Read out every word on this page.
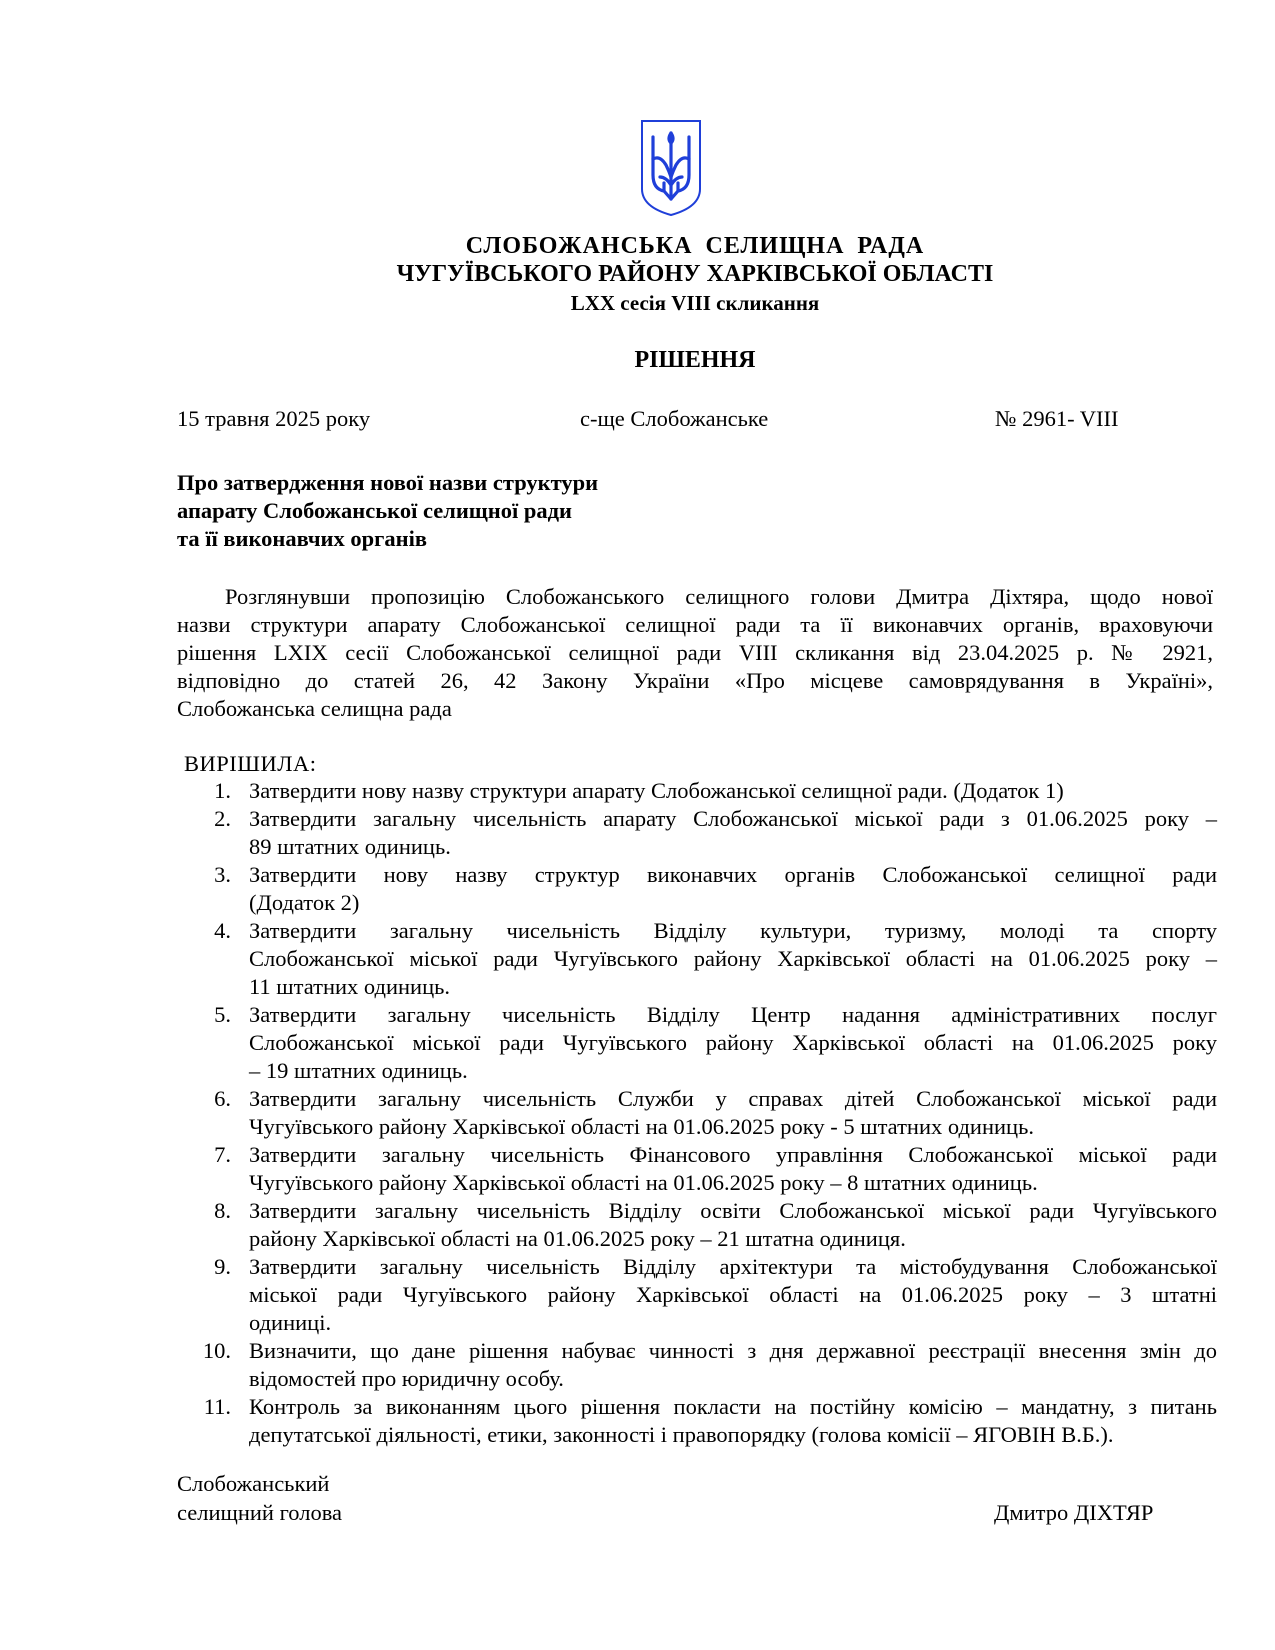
СЛОБОЖАНСЬКА СЕЛИЩНА РАДА
ЧУГУЇВСЬКОГО РАЙОНУ ХАРКІВСЬКОЇ ОБЛАСТІ
LXX сесія VIII скликання
РІШЕННЯ
15 травня 2025 року	с-ще Слобожанське	№ 2961- VIII
Про затвердження нової назви структури
апарату Слобожанської селищної ради
та її виконавчих органів
Розглянувши пропозицію Слобожанського селищного голови Дмитра Діхтяра, щодо нової
назви структури апарату Слобожанської селищної ради та її виконавчих органів, враховуючи
рішення LXIX сесії Слобожанської селищної ради VIII скликання від 23.04.2025 р. № 2921,
відповідно до статей 26, 42 Закону України «Про місцеве самоврядування в Україні»,
Слобожанська селищна рада
ВИРІШИЛА:
1. Затвердити нову назву структури апарату Слобожанської селищної ради. (Додаток 1)
2. Затвердити загальну чисельність апарату Слобожанської міської ради з 01.06.2025 року –
89 штатних одиниць.
3. Затвердити нову назву структур виконавчих органів Слобожанської селищної ради
(Додаток 2)
4. Затвердити загальну чисельність Відділу культури, туризму, молоді та спорту
Слобожанської міської ради Чугуївського району Харківської області на 01.06.2025 року –
11 штатних одиниць.
5. Затвердити загальну чисельність Відділу Центр надання адміністративних послуг
Слобожанської міської ради Чугуївського району Харківської області на 01.06.2025 року
– 19 штатних одиниць.
6. Затвердити загальну чисельність Служби у справах дітей Слобожанської міської ради
Чугуївського району Харківської області на 01.06.2025 року - 5 штатних одиниць.
7. Затвердити загальну чисельність Фінансового управління Слобожанської міської ради
Чугуївського району Харківської області на 01.06.2025 року – 8 штатних одиниць.
8. Затвердити загальну чисельність Відділу освіти Слобожанської міської ради Чугуївського
району Харківської області на 01.06.2025 року – 21 штатна одиниця.
9. Затвердити загальну чисельність Відділу архітектури та містобудування Слобожанської
міської ради Чугуївського району Харківської області на 01.06.2025 року – 3 штатні
одиниці.
10. Визначити, що дане рішення набуває чинності з дня державної реєстрації внесення змін до
відомостей про юридичну особу.
11. Контроль за виконанням цього рішення покласти на постійну комісію – мандатну, з питань
депутатської діяльності, етики, законності і правопорядку (голова комісії – ЯГОВІН В.Б.).
Слобожанський
селищний голова	Дмитро ДІХТЯР
